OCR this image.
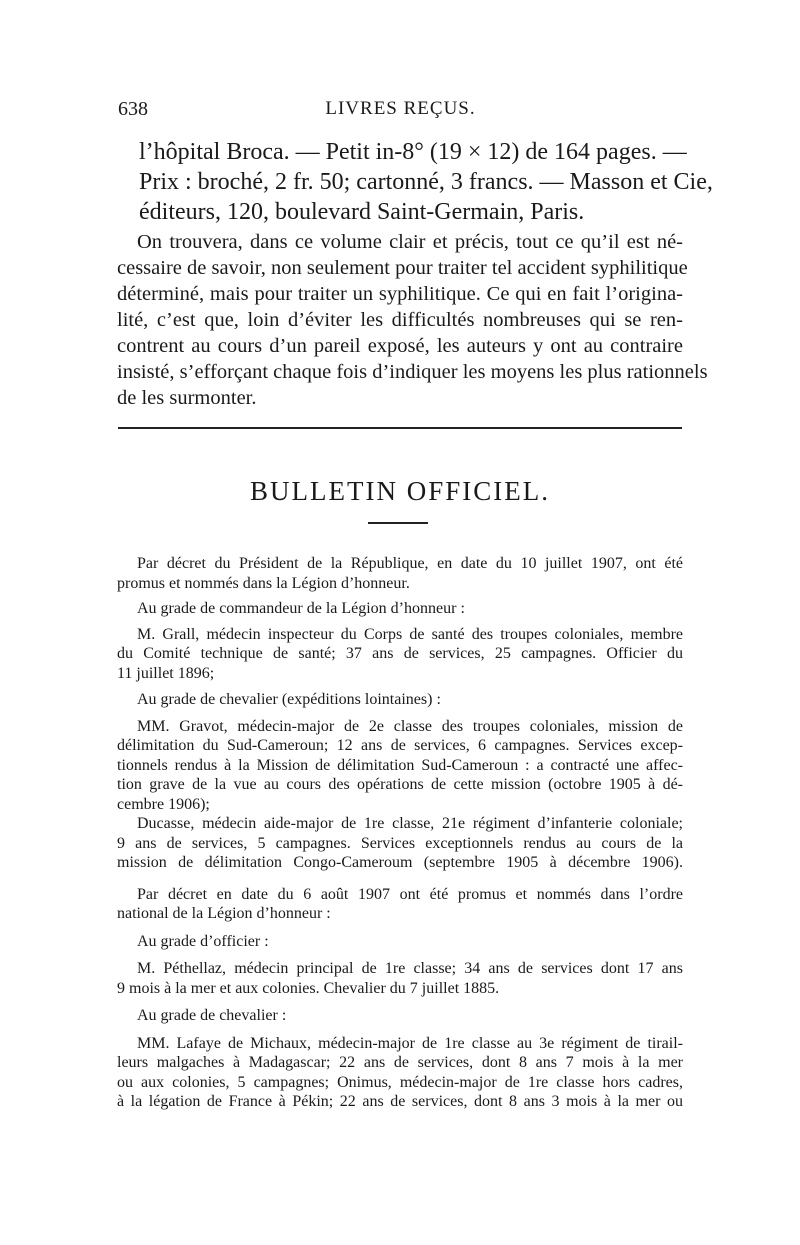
638	LIVRES REÇUS.
l’hôpital Broca. — Petit in-8° (19 × 12) de 164 pages. —
Prix : broché, 2 fr. 50; cartonné, 3 francs. — Masson et Cie,
éditeurs, 120, boulevard Saint-Germain, Paris.

On trouvera, dans ce volume clair et précis, tout ce qu’il est né-
cessaire de savoir, non seulement pour traiter tel accident syphilitique
déterminé, mais pour traiter un syphilitique. Ce qui en fait l’origina-
lité, c’est que, loin d’éviter les difficultés nombreuses qui se ren-
contrent au cours d’un pareil exposé, les auteurs y ont au contraire
insisté, s’efforçant chaque fois d’indiquer les moyens les plus rationnels
de les surmonter.

BULLETIN OFFICIEL.

Par décret du Président de la République, en date du 10 juillet 1907, ont été
promus et nommés dans la Légion d’honneur.

Au grade de commandeur de la Légion d’honneur :

M. Grall, médecin inspecteur du Corps de santé des troupes coloniales, membre
du Comité technique de santé; 37 ans de services, 25 campagnes. Officier du
11 juillet 1896;

Au grade de chevalier (expéditions lointaines) :

MM. Gravot, médecin-major de 2e classe des troupes coloniales, mission de
délimitation du Sud-Cameroun; 12 ans de services, 6 campagnes. Services excep-
tionnels rendus à la Mission de délimitation Sud-Cameroun : a contracté une affec-
tion grave de la vue au cours des opérations de cette mission (octobre 1905 à dé-
cembre 1906);

Ducasse, médecin aide-major de 1re classe, 21e régiment d’infanterie coloniale;
9 ans de services, 5 campagnes. Services exceptionnels rendus au cours de la
mission de délimitation Congo-Cameroum (septembre 1905 à décembre 1906).

Par décret en date du 6 août 1907 ont été promus et nommés dans l’ordre
national de la Légion d’honneur :

Au grade d’officier :

M. Péthellaz, médecin principal de 1re classe; 34 ans de services dont 17 ans
9 mois à la mer et aux colonies. Chevalier du 7 juillet 1885.

Au grade de chevalier :

MM. Lafaye de Michaux, médecin-major de 1re classe au 3e régiment de tirail-
leurs malgaches à Madagascar; 22 ans de services, dont 8 ans 7 mois à la mer
ou aux colonies, 5 campagnes; Onimus, médecin-major de 1re classe hors cadres,
à la légation de France à Pékin; 22 ans de services, dont 8 ans 3 mois à la mer ou
